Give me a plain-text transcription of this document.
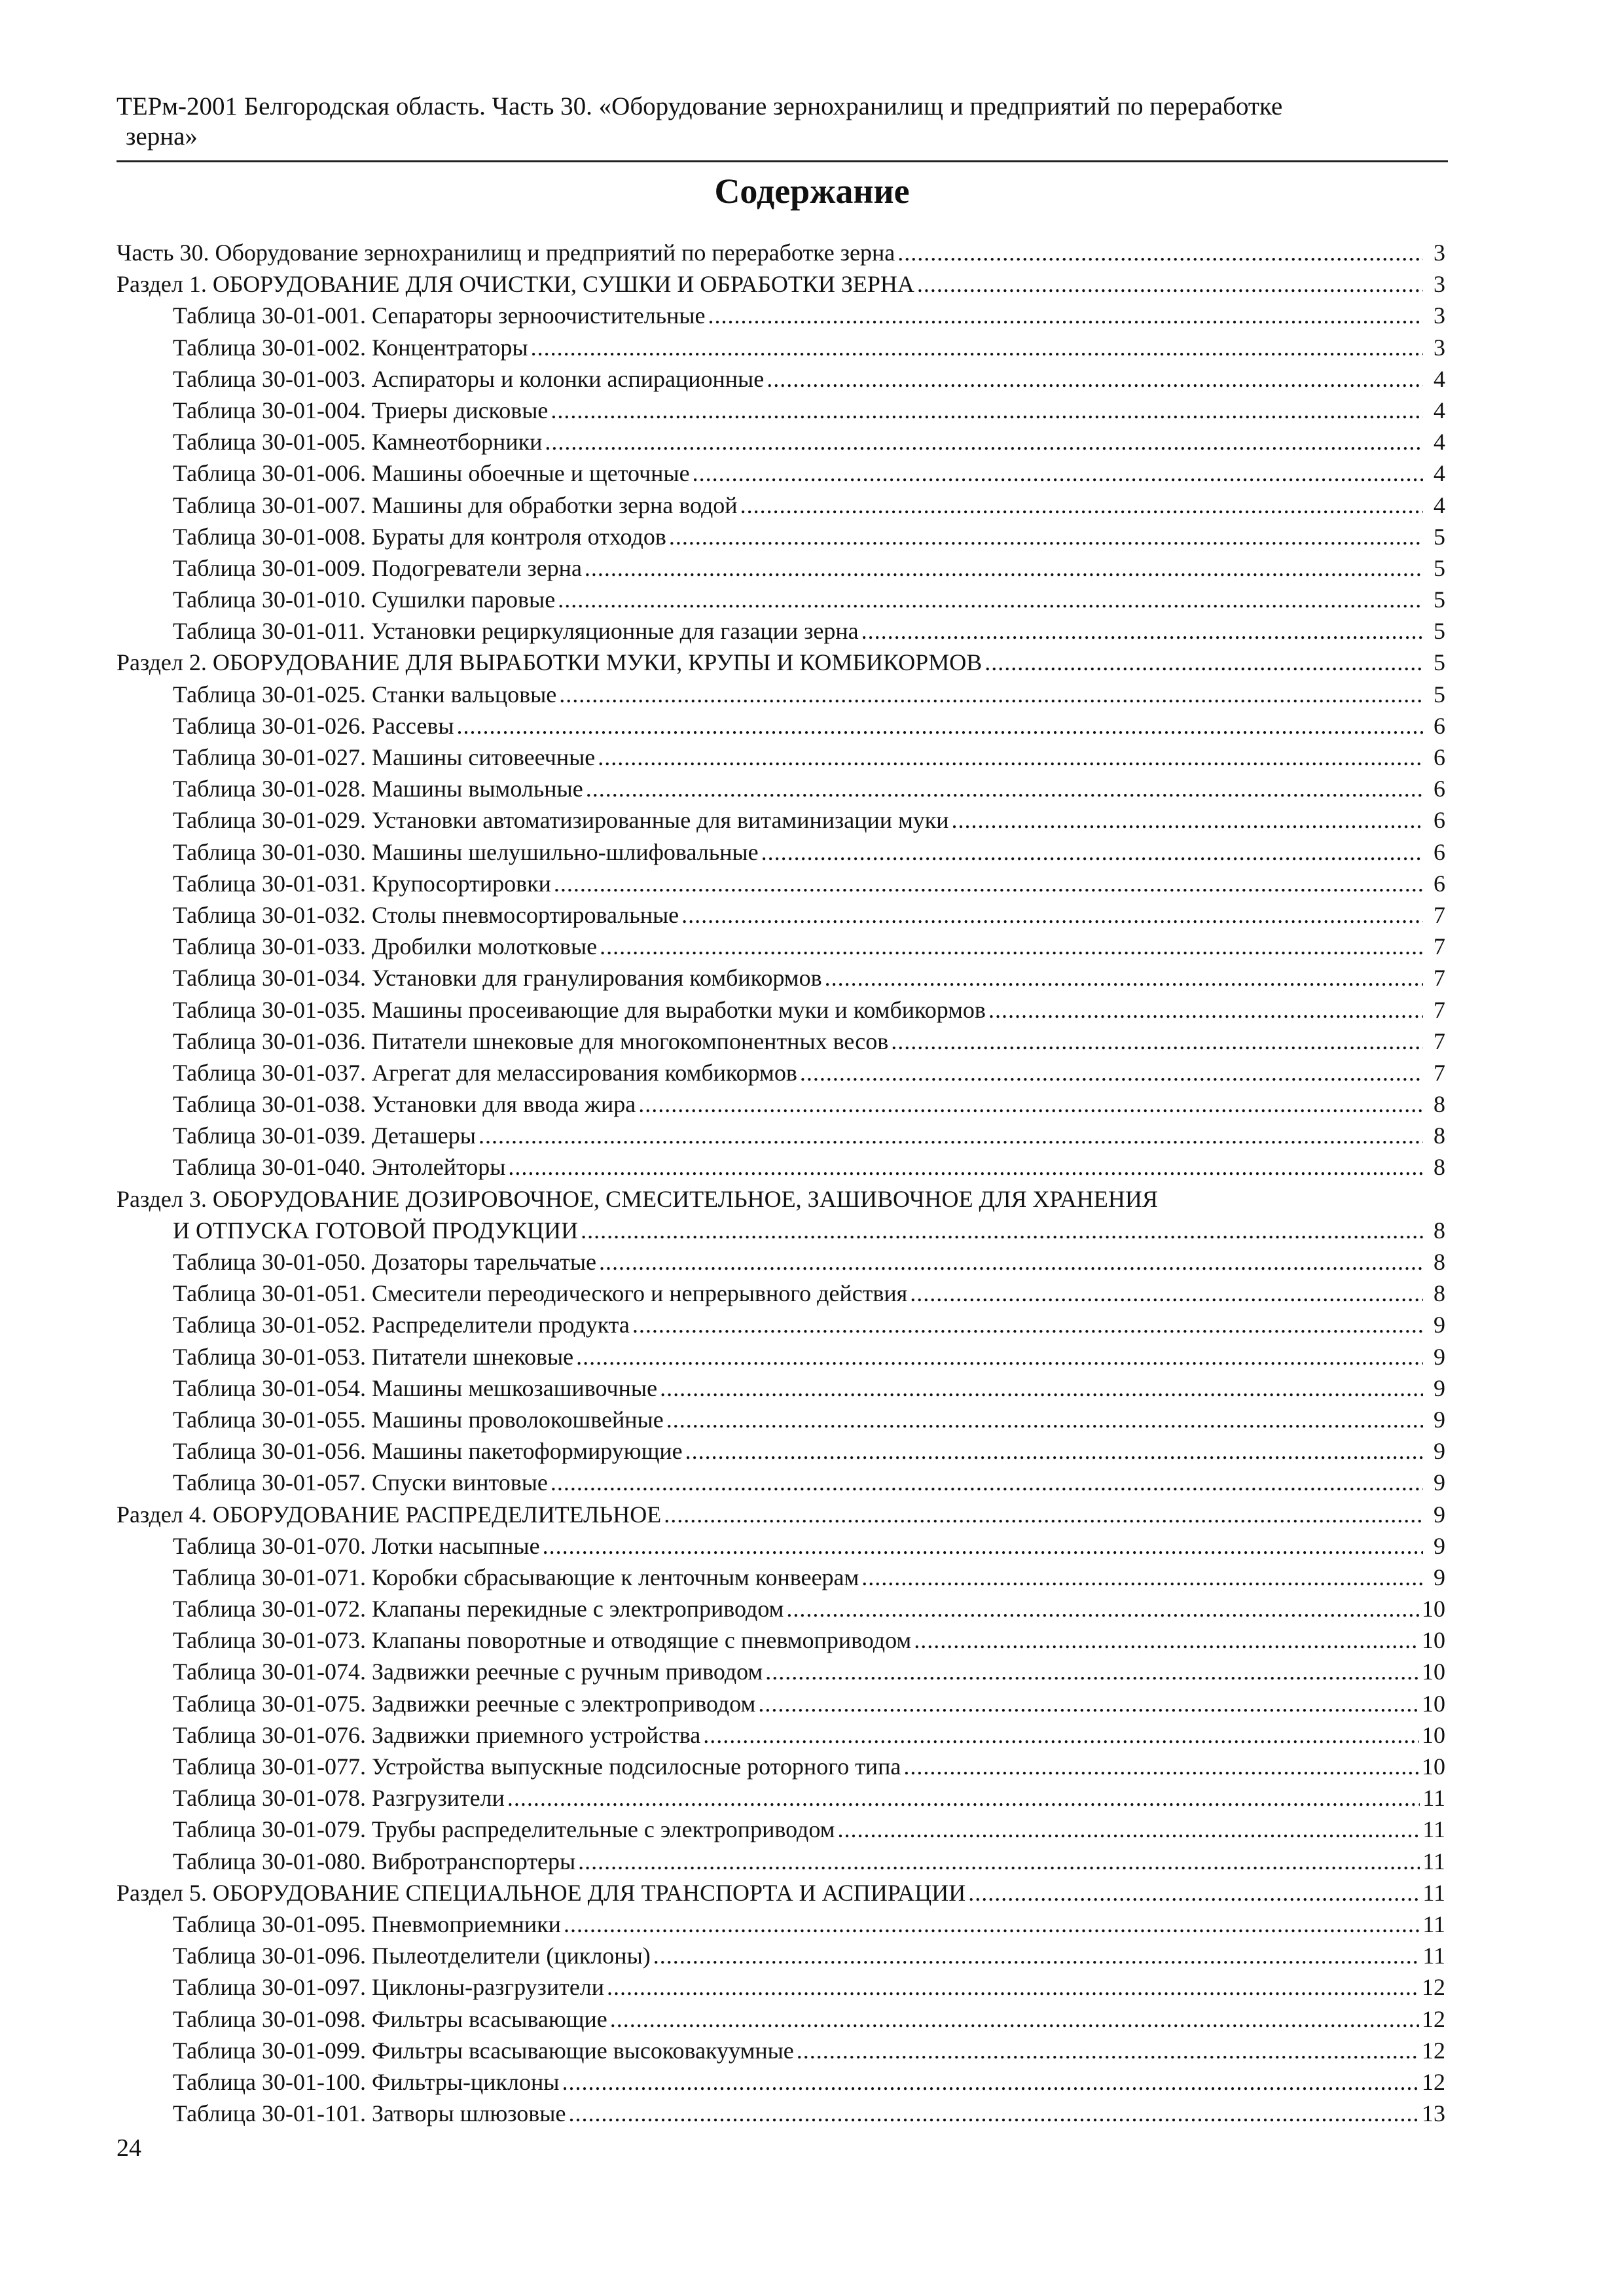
ТЕРм-2001 Белгородская область. Часть 30. «Оборудование зернохранилищ и предприятий по переработке
зерна»
Содержание
Часть 30. Оборудование зернохранилищ и предприятий по переработке зерна .....	3
Раздел 1. ОБОРУДОВАНИЕ ДЛЯ ОЧИСТКИ, СУШКИ И ОБРАБОТКИ ЗЕРНА .....	3
Таблица 30-01-001. Сепараторы зерноочистительные .....	3
Таблица 30-01-002. Концентраторы .....	3
Таблица 30-01-003. Аспираторы и колонки аспирационные .....	4
Таблица 30-01-004. Триеры дисковые .....	4
Таблица 30-01-005. Камнеотборники .....	4
Таблица 30-01-006. Машины обоечные и щеточные .....	4
Таблица 30-01-007. Машины для обработки зерна водой .....	4
Таблица 30-01-008. Бураты для контроля отходов .....	5
Таблица 30-01-009. Подогреватели зерна .....	5
Таблица 30-01-010. Сушилки паровые .....	5
Таблица 30-01-011. Установки рециркуляционные для газации зерна .....	5
Раздел 2. ОБОРУДОВАНИЕ ДЛЯ ВЫРАБОТКИ МУКИ, КРУПЫ И КОМБИКОРМОВ .....	5
Таблица 30-01-025. Станки вальцовые .....	5
Таблица 30-01-026. Рассевы .....	6
Таблица 30-01-027. Машины ситовеечные .....	6
Таблица 30-01-028. Машины вымольные .....	6
Таблица 30-01-029. Установки автоматизированные для витаминизации муки .....	6
Таблица 30-01-030. Машины шелушильно-шлифовальные .....	6
Таблица 30-01-031. Крупосортировки .....	6
Таблица 30-01-032. Столы пневмосортировальные .....	7
Таблица 30-01-033. Дробилки молотковые .....	7
Таблица 30-01-034. Установки для гранулирования комбикормов .....	7
Таблица 30-01-035. Машины просеивающие для выработки муки и комбикормов .....	7
Таблица 30-01-036. Питатели шнековые для многокомпонентных весов .....	7
Таблица 30-01-037. Агрегат для мелассирования комбикормов .....	7
Таблица 30-01-038. Установки для ввода жира .....	8
Таблица 30-01-039. Деташеры .....	8
Таблица 30-01-040. Энтолейторы .....	8
Раздел 3. ОБОРУДОВАНИЕ ДОЗИРОВОЧНОЕ, СМЕСИТЕЛЬНОЕ, ЗАШИВОЧНОЕ ДЛЯ ХРАНЕНИЯ
И ОТПУСКА ГОТОВОЙ ПРОДУКЦИИ .....	8
Таблица 30-01-050. Дозаторы тарельчатые .....	8
Таблица 30-01-051. Смесители переодического и непрерывного действия .....	8
Таблица 30-01-052. Распределители продукта .....	9
Таблица 30-01-053. Питатели шнековые .....	9
Таблица 30-01-054. Машины мешкозашивочные .....	9
Таблица 30-01-055. Машины проволокошвейные .....	9
Таблица 30-01-056. Машины пакетоформирующие .....	9
Таблица 30-01-057. Спуски винтовые .....	9
Раздел 4. ОБОРУДОВАНИЕ РАСПРЕДЕЛИТЕЛЬНОЕ .....	9
Таблица 30-01-070. Лотки насыпные .....	9
Таблица 30-01-071. Коробки сбрасывающие к ленточным конвеерам .....	9
Таблица 30-01-072. Клапаны перекидные с электроприводом .....	10
Таблица 30-01-073. Клапаны поворотные и отводящие с пневмоприводом .....	10
Таблица 30-01-074. Задвижки реечные с ручным приводом .....	10
Таблица 30-01-075. Задвижки реечные с электроприводом .....	10
Таблица 30-01-076. Задвижки приемного устройства .....	10
Таблица 30-01-077. Устройства выпускные подсилосные роторного типа .....	10
Таблица 30-01-078. Разгрузители .....	11
Таблица 30-01-079. Трубы распределительные с электроприводом .....	11
Таблица 30-01-080. Вибротранспортеры .....	11
Раздел 5. ОБОРУДОВАНИЕ СПЕЦИАЛЬНОЕ ДЛЯ ТРАНСПОРТА И АСПИРАЦИИ .....	11
Таблица 30-01-095. Пневмоприемники .....	11
Таблица 30-01-096. Пылеотделители (циклоны) .....	11
Таблица 30-01-097. Циклоны-разгрузители .....	12
Таблица 30-01-098. Фильтры всасывающие .....	12
Таблица 30-01-099. Фильтры всасывающие высоковакуумные .....	12
Таблица 30-01-100. Фильтры-циклоны .....	12
Таблица 30-01-101. Затворы шлюзовые .....	13
24
